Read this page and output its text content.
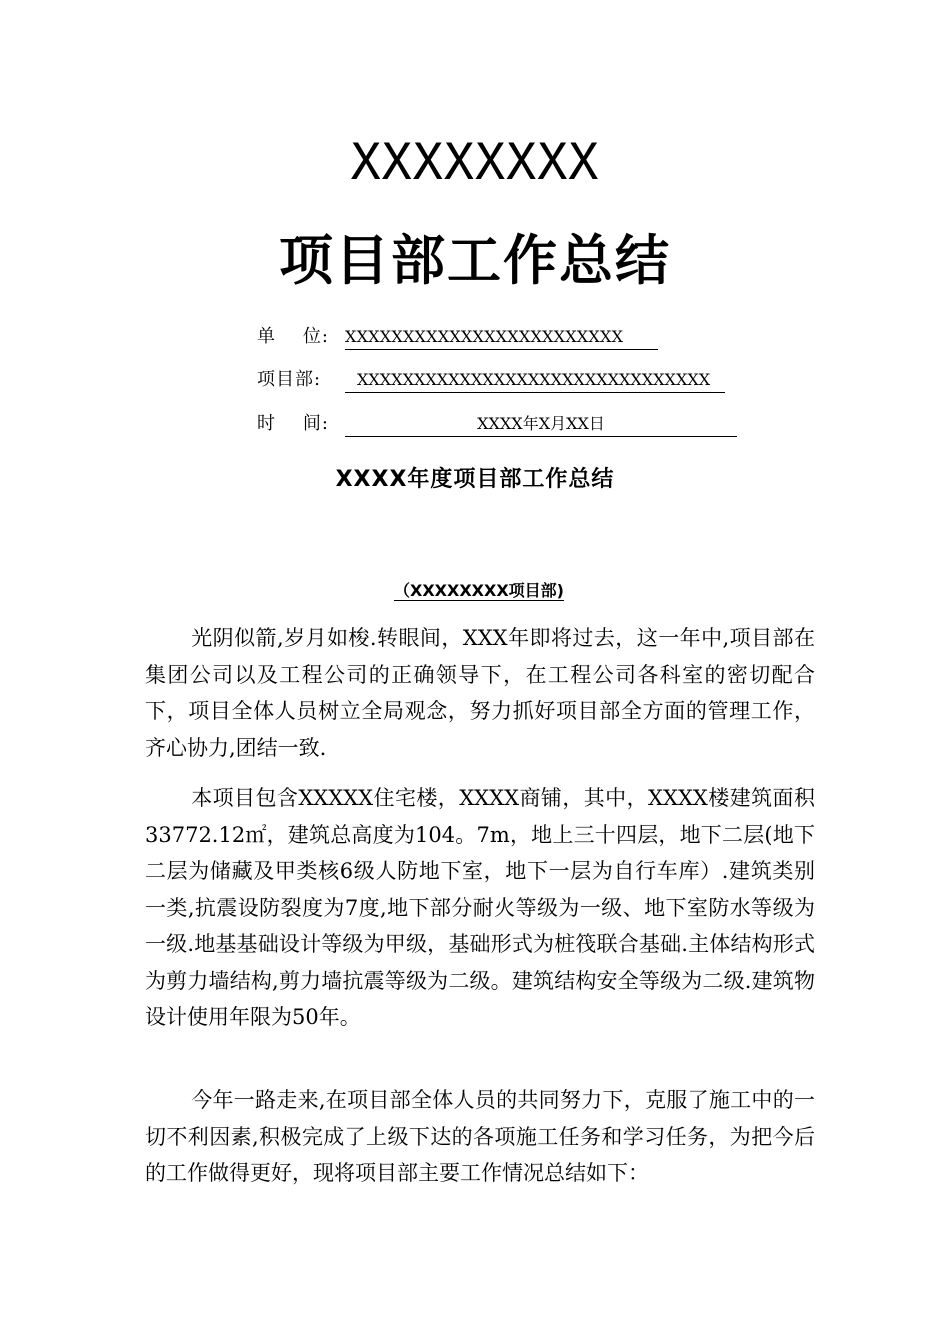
XXXXXXXX
项目部工作总结
单    位: XXXXXXXXXXXXXXXXXXXXXXXX
项目部:	XXXXXXXXXXXXXXXXXXXXXXXXXXXXXXX
时    间:	XXXX年X月XX日
XXXX年度项目部工作总结
（XXXXXXXX项目部)

光阴似箭,岁月如梭.转眼间，XXX年即将过去，这一年中,项目部在集团公司以及工程公司的正确领导下，在工程公司各科室的密切配合下，项目全体人员树立全局观念，努力抓好项目部全方面的管理工作，齐心协力,团结一致.

本项目包含XXXXX住宅楼，XXXX商铺，其中，XXXX楼建筑面积33772.12㎡，建筑总高度为104。7m，地上三十四层，地下二层(地下二层为储藏及甲类核6级人防地下室，地下一层为自行车库）.建筑类别一类,抗震设防裂度为7度,地下部分耐火等级为一级、地下室防水等级为一级.地基基础设计等级为甲级，基础形式为桩筏联合基础.主体结构形式为剪力墙结构,剪力墙抗震等级为二级。建筑结构安全等级为二级.建筑物设计使用年限为50年。

今年一路走来,在项目部全体人员的共同努力下，克服了施工中的一切不利因素,积极完成了上级下达的各项施工任务和学习任务，为把今后的工作做得更好，现将项目部主要工作情况总结如下：
